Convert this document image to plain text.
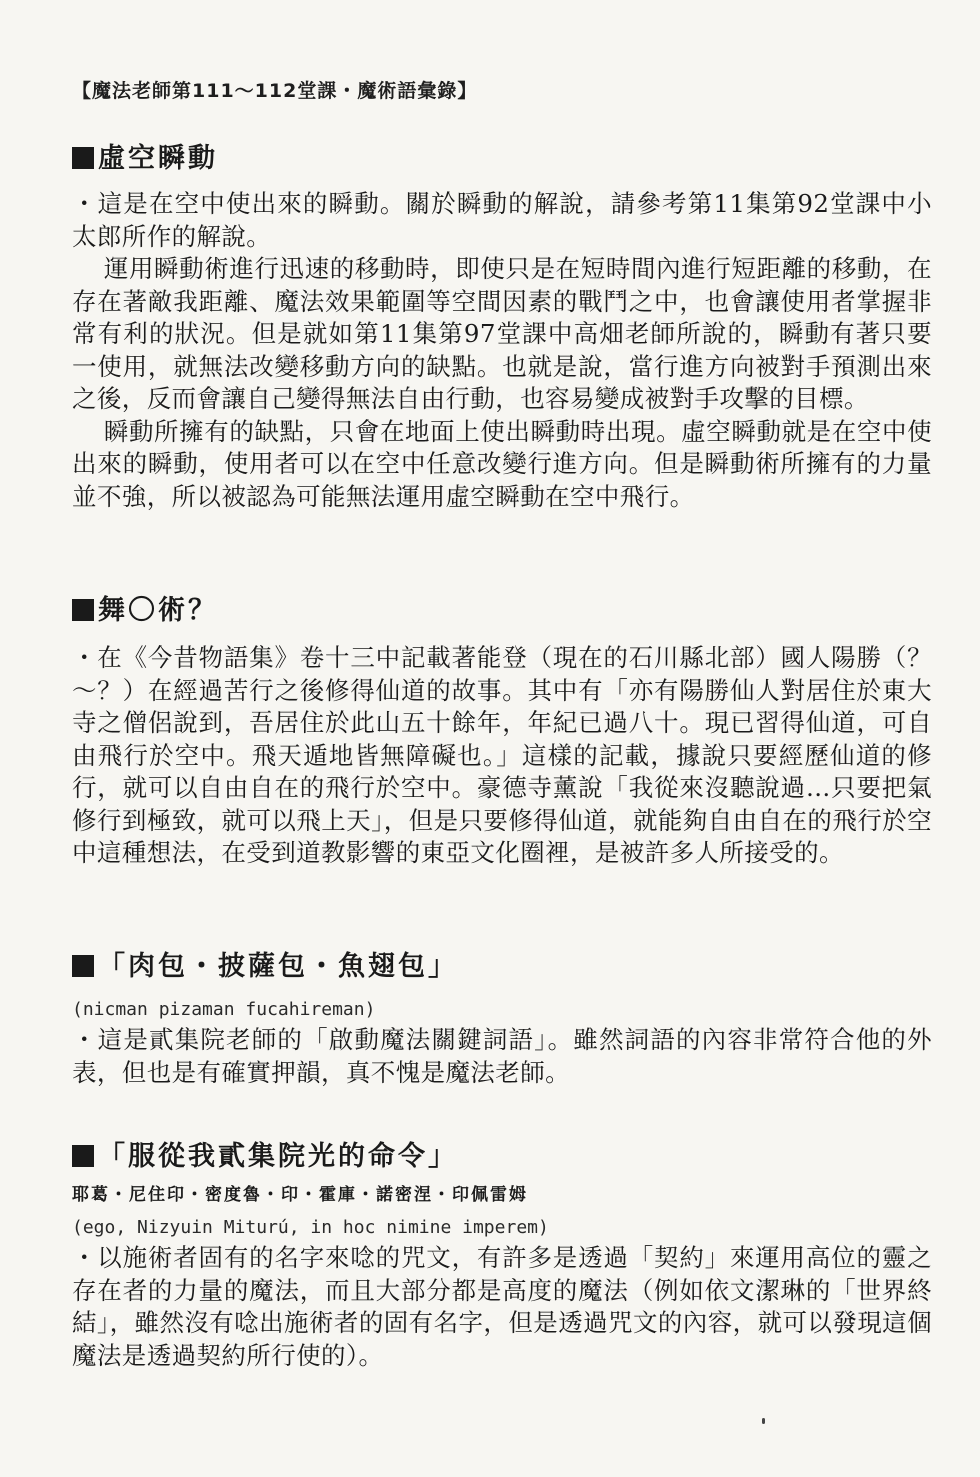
【魔法老師第111～112堂課・魔術語彙錄】
虛空瞬動

・這是在空中使出來的瞬動。關於瞬動的解說，請參考第11集第92堂課中小太郎所作的解說。

運用瞬動術進行迅速的移動時，即使只是在短時間內進行短距離的移動，在存在著敵我距離、魔法效果範圍等空間因素的戰鬥之中，也會讓使用者掌握非常有利的狀況。但是就如第11集第97堂課中高畑老師所說的，瞬動有著只要一使用，就無法改變移動方向的缺點。也就是說，當行進方向被對手預測出來之後，反而會讓自己變得無法自由行動，也容易變成被對手攻擊的目標。

瞬動所擁有的缺點，只會在地面上使出瞬動時出現。虛空瞬動就是在空中使出來的瞬動，使用者可以在空中任意改變行進方向。但是瞬動術所擁有的力量並不強，所以被認為可能無法運用虛空瞬動在空中飛行。

舞〇術？

・在《今昔物語集》卷十三中記載著能登（現在的石川縣北部）國人陽勝（？～？）在經過苦行之後修得仙道的故事。其中有「亦有陽勝仙人對居住於東大寺之僧侶說到，吾居住於此山五十餘年，年紀已過八十。現已習得仙道，可自由飛行於空中。飛天遁地皆無障礙也。」這樣的記載，據說只要經歷仙道的修行，就可以自由自在的飛行於空中。豪德寺薰說「我從來沒聽說過…只要把氣修行到極致，就可以飛上天」，但是只要修得仙道，就能夠自由自在的飛行於空中這種想法，在受到道教影響的東亞文化圈裡，是被許多人所接受的。

「肉包・披薩包・魚翅包」
(nicman pizaman fucahireman)

・這是貳集院老師的「啟動魔法關鍵詞語」。雖然詞語的內容非常符合他的外表，但也是有確實押韻，真不愧是魔法老師。

「服從我貳集院光的命令」
耶葛・尼住印・密度魯・印・霍庫・諾密涅・印佩雷姆
(ego, Nizyuin Miturú, in hoc nimine imperem)

・以施術者固有的名字來唸的咒文，有許多是透過「契約」來運用高位的靈之存在者的力量的魔法，而且大部分都是高度的魔法（例如依文潔琳的「世界終結」，雖然沒有唸出施術者的固有名字，但是透過咒文的內容，就可以發現這個魔法是透過契約所行使的）。
